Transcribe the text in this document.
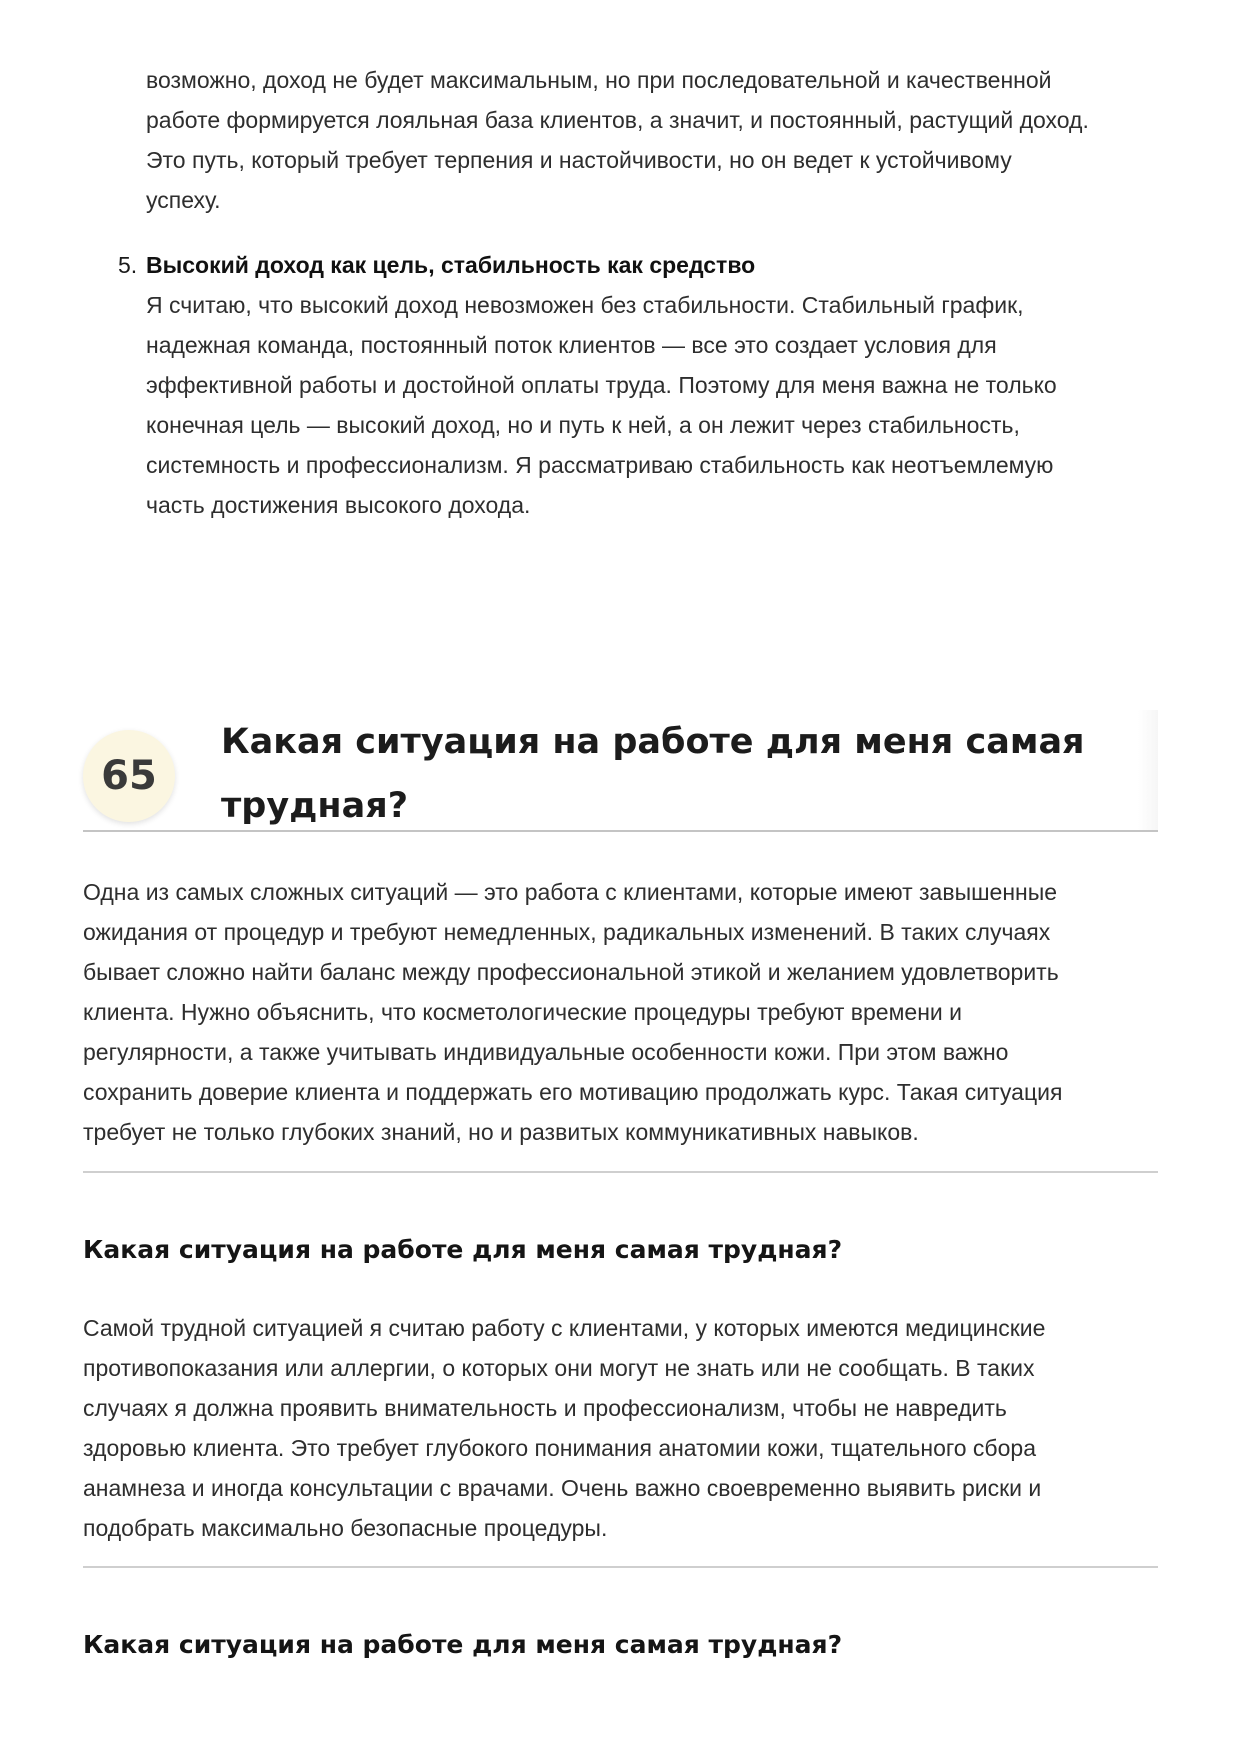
возможно, доход не будет максимальным, но при последовательной и качественной

работе формируется лояльная база клиентов, а значит, и постоянный, растущий доход.

Это путь, который требует терпения и настойчивости, но он ведет к устойчивому

успеху.

5. Высокий доход как цель, стабильность как средство

Я считаю, что высокий доход невозможен без стабильности. Стабильный график,

надежная команда, постоянный поток клиентов — все это создает условия для

эффективной работы и достойной оплаты труда. Поэтому для меня важна не только

конечная цель — высокий доход, но и путь к ней, а он лежит через стабильность,

системность и профессионализм. Я рассматриваю стабильность как неотъемлемую

часть достижения высокого дохода.

65
Какая ситуация на работе для меня самая
трудная?

Одна из самых сложных ситуаций — это работа с клиентами, которые имеют завышенные

ожидания от процедур и требуют немедленных, радикальных изменений. В таких случаях

бывает сложно найти баланс между профессиональной этикой и желанием удовлетворить

клиента. Нужно объяснить, что косметологические процедуры требуют времени и

регулярности, а также учитывать индивидуальные особенности кожи. При этом важно

сохранить доверие клиента и поддержать его мотивацию продолжать курс. Такая ситуация

требует не только глубоких знаний, но и развитых коммуникативных навыков.

Какая ситуация на работе для меня самая трудная?

Самой трудной ситуацией я считаю работу с клиентами, у которых имеются медицинские

противопоказания или аллергии, о которых они могут не знать или не сообщать. В таких

случаях я должна проявить внимательность и профессионализм, чтобы не навредить

здоровью клиента. Это требует глубокого понимания анатомии кожи, тщательного сбора

анамнеза и иногда консультации с врачами. Очень важно своевременно выявить риски и

подобрать максимально безопасные процедуры.

Какая ситуация на работе для меня самая трудная?
